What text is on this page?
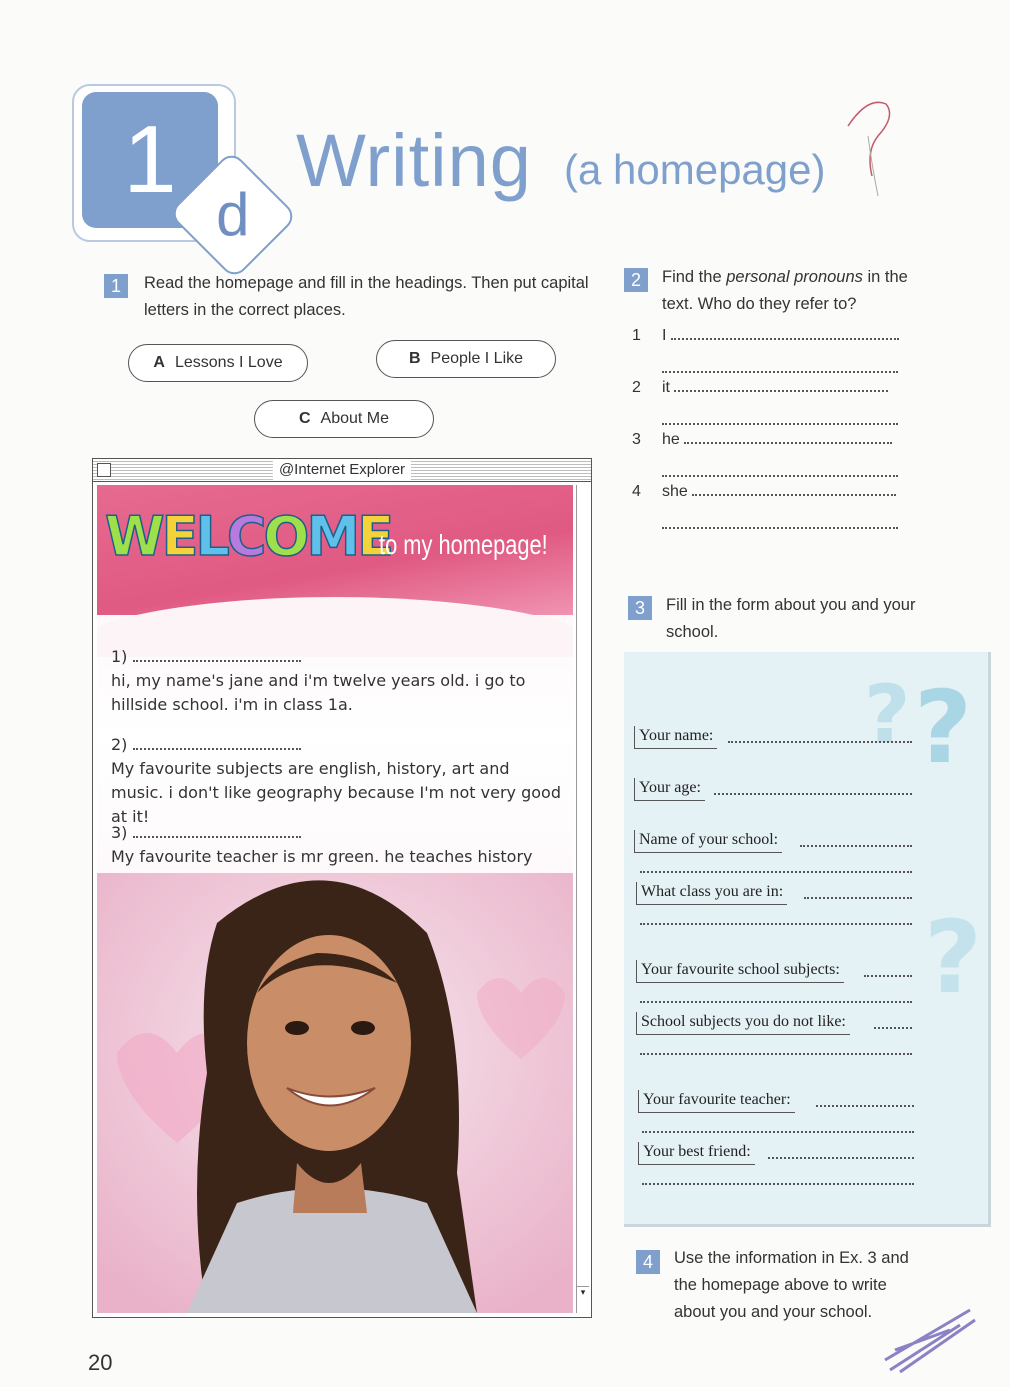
1
d
Writing (a homepage)
1	Read the homepage and fill in the headings. Then put capital letters in the correct places.
A Lessons I Love	B People I Like
C About Me
@Internet Explorer
WELCOME
to my homepage!
1)
hi, my name's jane and i'm twelve years old. i go to hillside school. i'm in class 1a.
2)
My favourite subjects are english, history, art and music. i don't like geography because I'm not very good at it!
3)
My favourite teacher is mr green. he teaches history
▾
2	Find the personal pronouns in the text. Who do they refer to?
1 I
2 it
3 he
4 she
3	Fill in the form about you and your school.
? ?
?
Your name:
Your age:
Name of your school:
What class you are in:
Your favourite school subjects:
School subjects you do not like:
Your favourite teacher:
Your best friend:
4	Use the information in Ex. 3 and the homepage above to write about you and your school.
20
